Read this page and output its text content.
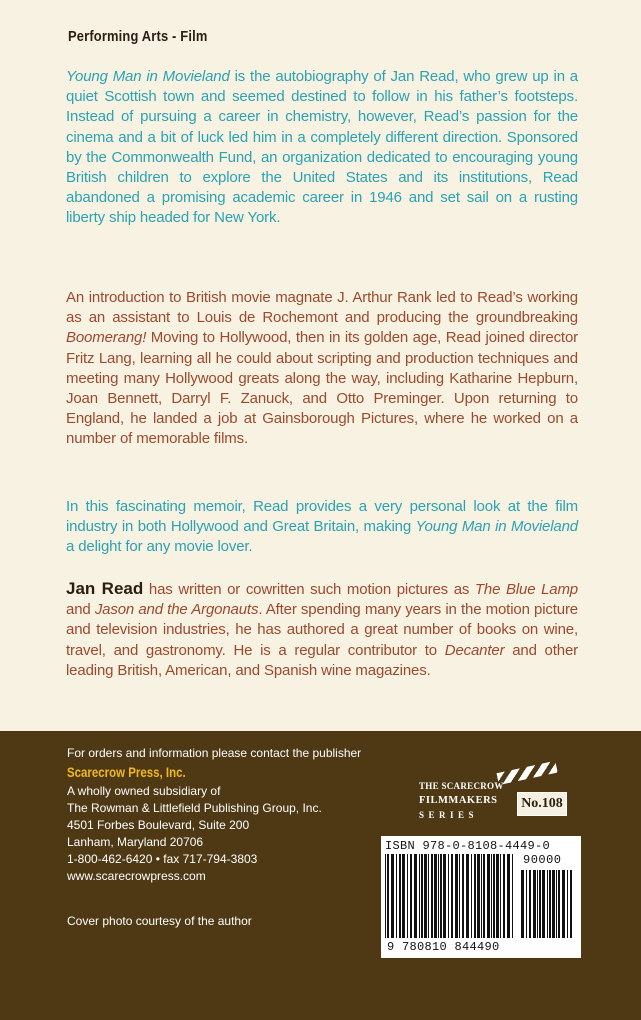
Performing Arts - Film

Young Man in Movieland is the autobiography of Jan Read, who grew up in a quiet Scottish town and seemed destined to follow in his father’s footsteps. Instead of pursuing a career in chemistry, however, Read’s passion for the cinema and a bit of luck led him in a completely different direction. Sponsored by the Commonwealth Fund, an organization dedicated to encouraging young British children to explore the United States and its institutions, Read abandoned a promising academic career in 1946 and set sail on a rusting liberty ship headed for New York.

An introduction to British movie magnate J. Arthur Rank led to Read’s working as an assistant to Louis de Rochemont and producing the groundbreaking Boomerang! Moving to Hollywood, then in its golden age, Read joined director Fritz Lang, learning all he could about scripting and production techniques and meeting many Hollywood greats along the way, including Katharine Hepburn, Joan Bennett, Darryl F. Zanuck, and Otto Preminger. Upon returning to England, he landed a job at Gainsborough Pictures, where he worked on a number of memorable films.

In this fascinating memoir, Read provides a very personal look at the film industry in both Hollywood and Great Britain, making Young Man in Movieland a delight for any movie lover.

Jan Read has written or cowritten such motion pictures as The Blue Lamp and Jason and the Argonauts. After spending many years in the motion picture and television industries, he has authored a great number of books on wine, travel, and gastronomy. He is a regular contributor to Decanter and other leading British, American, and Spanish wine magazines.

For orders and information please contact the publisher
Scarecrow Press, Inc.
A wholly owned subsidiary of
The Rowman & Littlefield Publishing Group, Inc.
4501 Forbes Boulevard, Suite 200
Lanham, Maryland 20706
1-800-462-6420 • fax 717-794-3803
www.scarecrowpress.com
Cover photo courtesy of the author
THE SCARECROW
FILMMAKERS
SERIES
No.108
ISBN 978-0-8108-4449-0
90000
9 780810 844490
